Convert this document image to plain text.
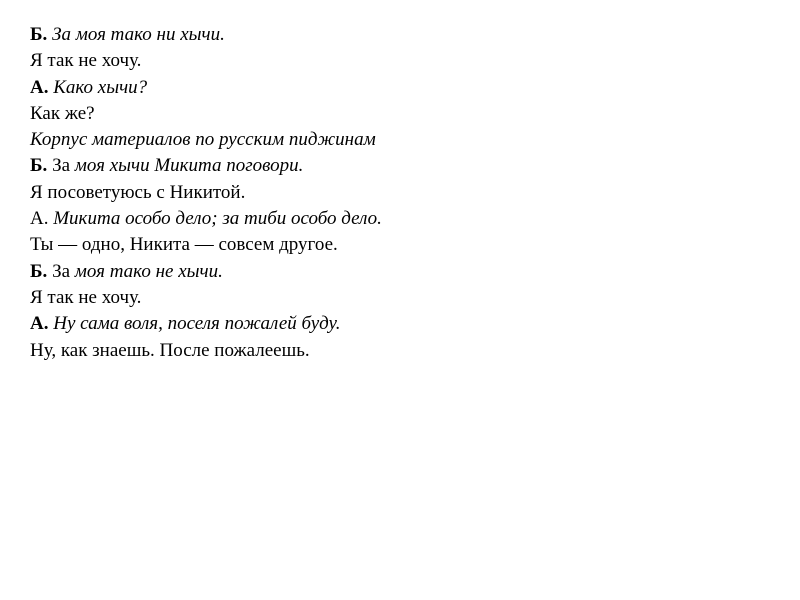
Б. За моя тако ни хычи.
Я так не хочу.
А. Како хычи?
Как же?
Корпус материалов по русским пиджинам
Б. За моя хычи Микита поговори.
Я посоветуюсь с Никитой.
А. Микита особо дело; за тиби особо дело.
Ты — одно, Никита — совсем другое.
Б. За моя тако не хычи.
Я так не хочу.
А. Ну сама воля, поселя пожалей буду.
Ну, как знаешь. После пожалеешь.
